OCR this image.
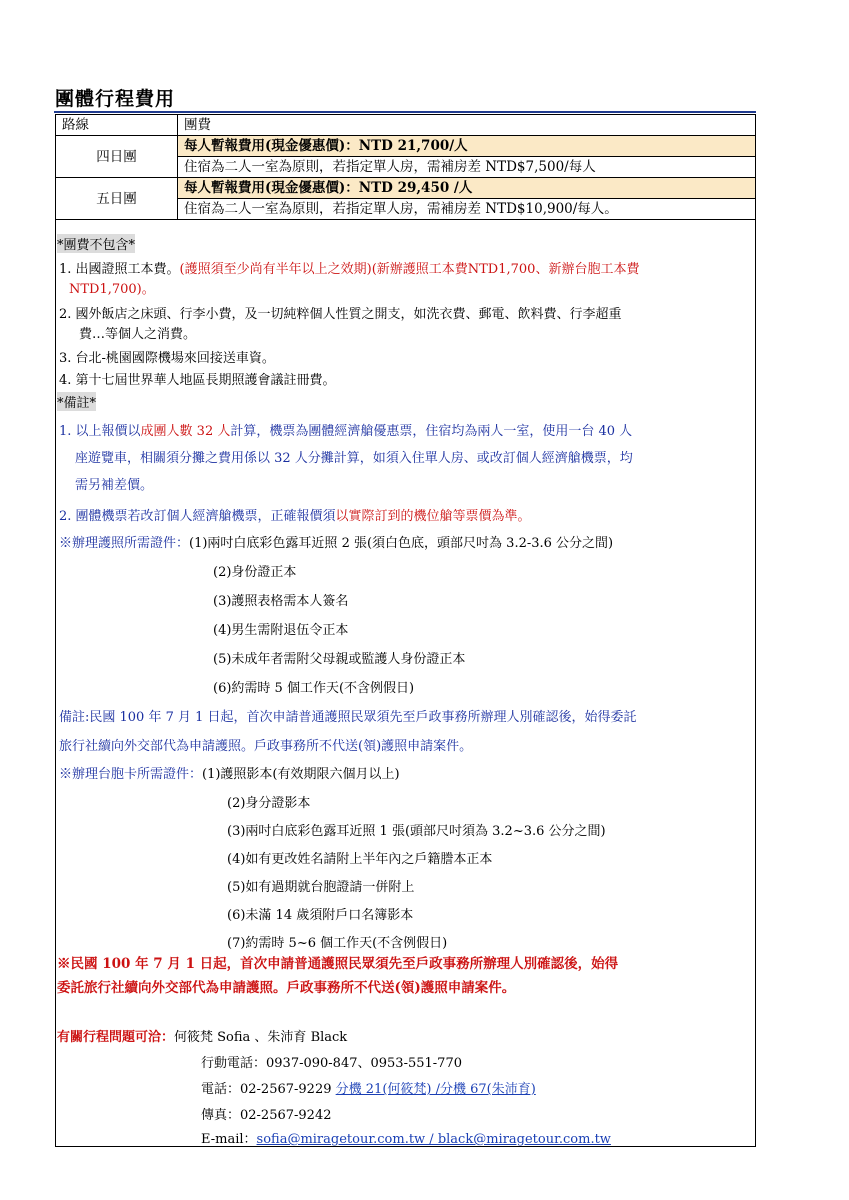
團體行程費用
路線	團費
四日團	每人暫報費用(現金優惠價)：NTD 21,700/人
	住宿為二人一室為原則，若指定單人房，需補房差 NTD$7,500/每人
五日團	每人暫報費用(現金優惠價)：NTD 29,450 /人
	住宿為二人一室為原則，若指定單人房，需補房差 NTD$10,900/每人。
*團費不包含*
1. 出國證照工本費。(護照須至少尚有半年以上之效期)(新辦護照工本費NTD1,700、新辦台胞工本費
NTD1,700)。
2. 國外飯店之床頭、行李小費，及一切純粹個人性質之開支，如洗衣費、郵電、飲料費、行李超重
費…等個人之消費。
3. 台北-桃園國際機場來回接送車資。
4. 第十七屆世界華人地區長期照護會議註冊費。
*備註*
1. 以上報價以成團人數 32 人計算，機票為團體經濟艙優惠票，住宿均為兩人一室，使用一台 40 人
座遊覽車，相關須分攤之費用係以 32 人分攤計算，如須入住單人房、或改訂個人經濟艙機票，均
需另補差價。
2. 團體機票若改訂個人經濟艙機票，正確報價須以實際訂到的機位艙等票價為準。
※辦理護照所需證件：(1)兩吋白底彩色露耳近照 2 張(須白色底，頭部尺吋為 3.2-3.6 公分之間)
(2)身份證正本
(3)護照表格需本人簽名
(4)男生需附退伍令正本
(5)未成年者需附父母親或監護人身份證正本
(6)約需時 5 個工作天(不含例假日)
備註:民國 100 年 7 月 1 日起，首次申請普通護照民眾須先至戶政事務所辦理人別確認後，始得委託
旅行社續向外交部代為申請護照。戶政事務所不代送(領)護照申請案件。
※辦理台胞卡所需證件：(1)護照影本(有效期限六個月以上)
(2)身分證影本
(3)兩吋白底彩色露耳近照 1 張(頭部尺吋須為 3.2~3.6 公分之間)
(4)如有更改姓名請附上半年內之戶籍謄本正本
(5)如有過期就台胞證請一併附上
(6)未滿 14 歲須附戶口名簿影本
(7)約需時 5~6 個工作天(不含例假日)
※民國 100 年 7 月 1 日起，首次申請普通護照民眾須先至戶政事務所辦理人別確認後，始得
委託旅行社續向外交部代為申請護照。戶政事務所不代送(領)護照申請案件。
有關行程問題可洽：何筱梵 Sofia 、朱沛育 Black
行動電話：0937-090-847、0953-551-770
電話：02-2567-9229 分機 21(何筱梵) /分機 67(朱沛育)
傳真：02-2567-9242
E-mail：sofia@miragetour.com.tw / black@miragetour.com.tw
